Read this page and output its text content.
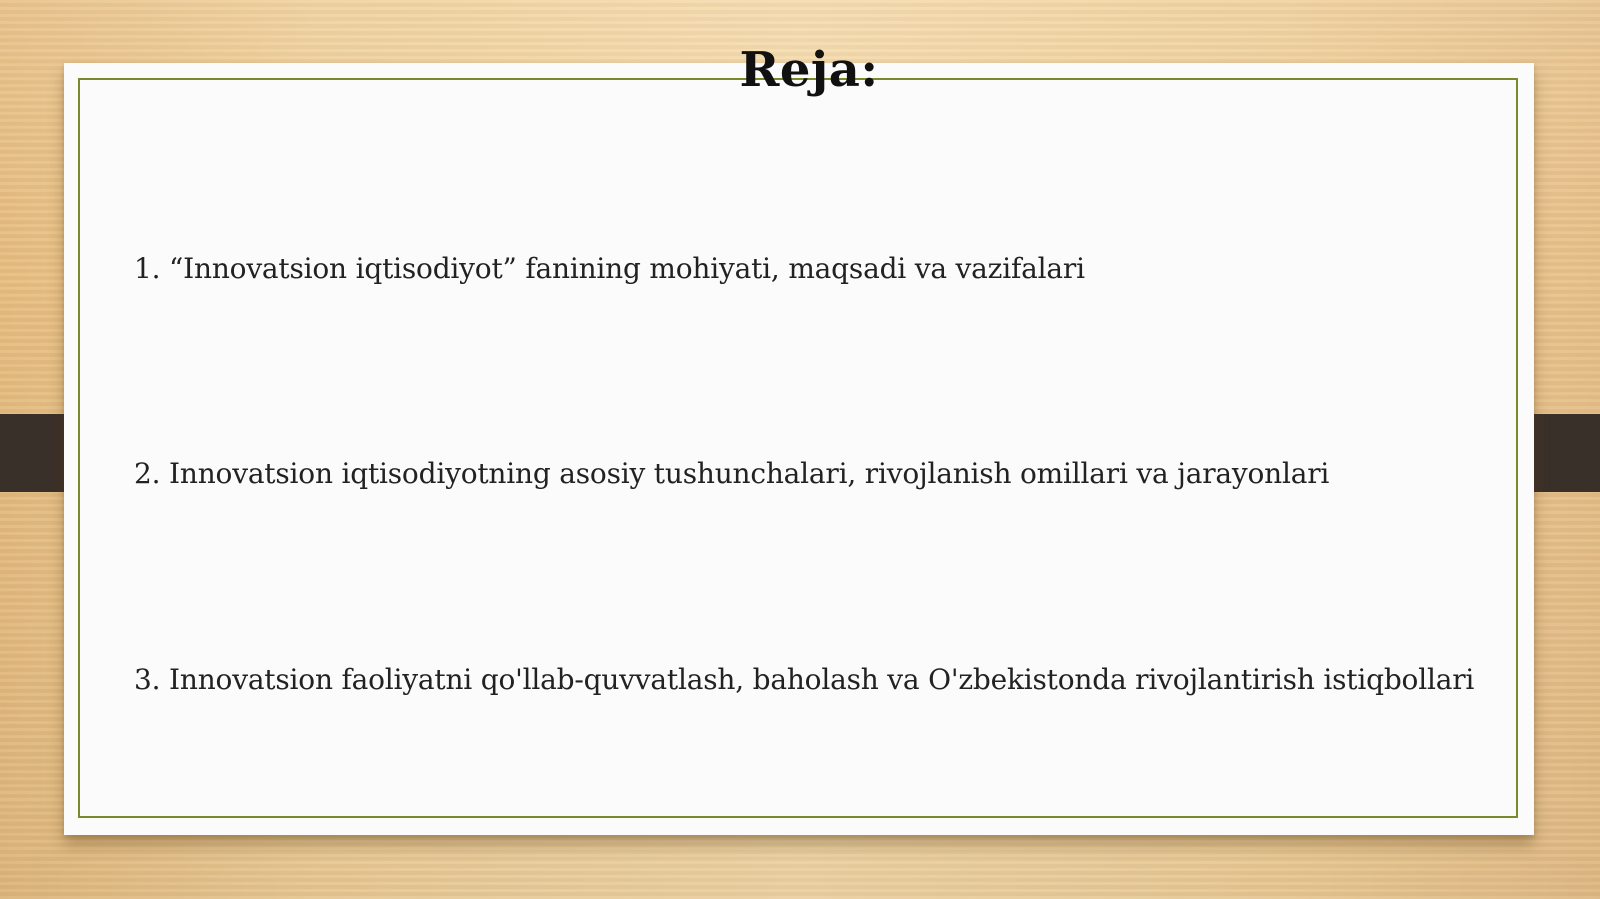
Reja:
1. “Innovatsion iqtisodiyot” fanining mohiyati, maqsadi va vazifalari
2. Innovatsion iqtisodiyotning asosiy tushunchalari, rivojlanish omillari va jarayonlari
3. Innovatsion faoliyatni qo'llab-quvvatlash, baholash va O'zbekistonda rivojlantirish istiqbollari
